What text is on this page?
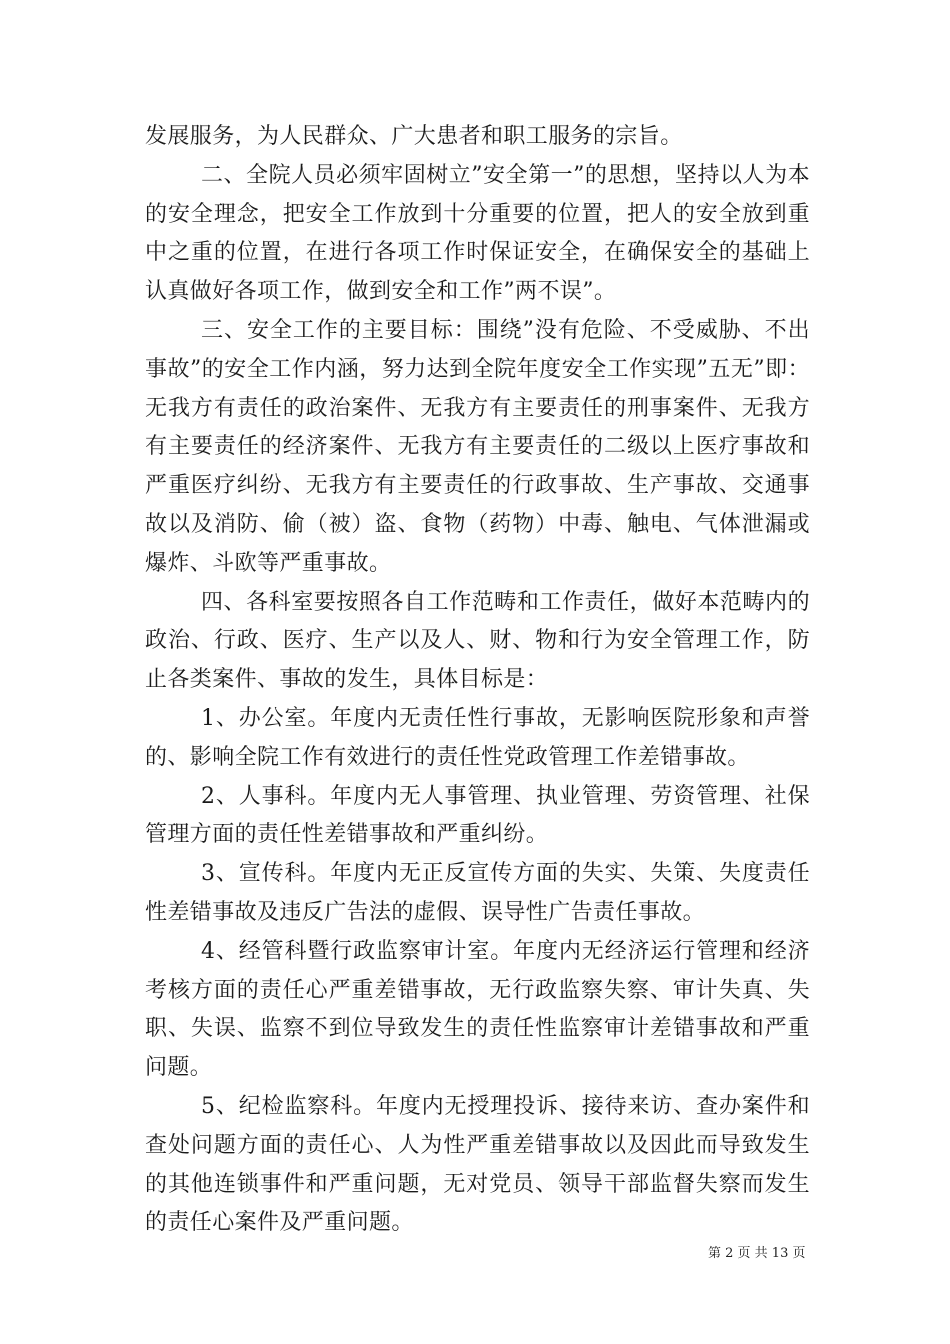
发展服务，为人民群众、广大患者和职工服务的宗旨。

二、全院人员必须牢固树立”安全第一”的思想，坚持以人为本的安全理念，把安全工作放到十分重要的位置，把人的安全放到重中之重的位置，在进行各项工作时保证安全，在确保安全的基础上认真做好各项工作，做到安全和工作”两不误”。

三、安全工作的主要目标：围绕”没有危险、不受威胁、不出事故”的安全工作内涵，努力达到全院年度安全工作实现”五无”即：无我方有责任的政治案件、无我方有主要责任的刑事案件、无我方有主要责任的经济案件、无我方有主要责任的二级以上医疗事故和严重医疗纠纷、无我方有主要责任的行政事故、生产事故、交通事故以及消防、偷（被）盗、食物（药物）中毒、触电、气体泄漏或爆炸、斗欧等严重事故。

四、各科室要按照各自工作范畴和工作责任，做好本范畴内的政治、行政、医疗、生产以及人、财、物和行为安全管理工作，防止各类案件、事故的发生，具体目标是：

1、办公室。年度内无责任性行事故，无影响医院形象和声誉的、影响全院工作有效进行的责任性党政管理工作差错事故。

2、人事科。年度内无人事管理、执业管理、劳资管理、社保管理方面的责任性差错事故和严重纠纷。

3、宣传科。年度内无正反宣传方面的失实、失策、失度责任性差错事故及违反广告法的虚假、误导性广告责任事故。

4、经管科暨行政监察审计室。年度内无经济运行管理和经济考核方面的责任心严重差错事故，无行政监察失察、审计失真、失职、失误、监察不到位导致发生的责任性监察审计差错事故和严重问题。

5、纪检监察科。年度内无授理投诉、接待来访、查办案件和查处问题方面的责任心、人为性严重差错事故以及因此而导致发生的其他连锁事件和严重问题，无对党员、领导干部监督失察而发生的责任心案件及严重问题。

第 2 页 共 13 页
